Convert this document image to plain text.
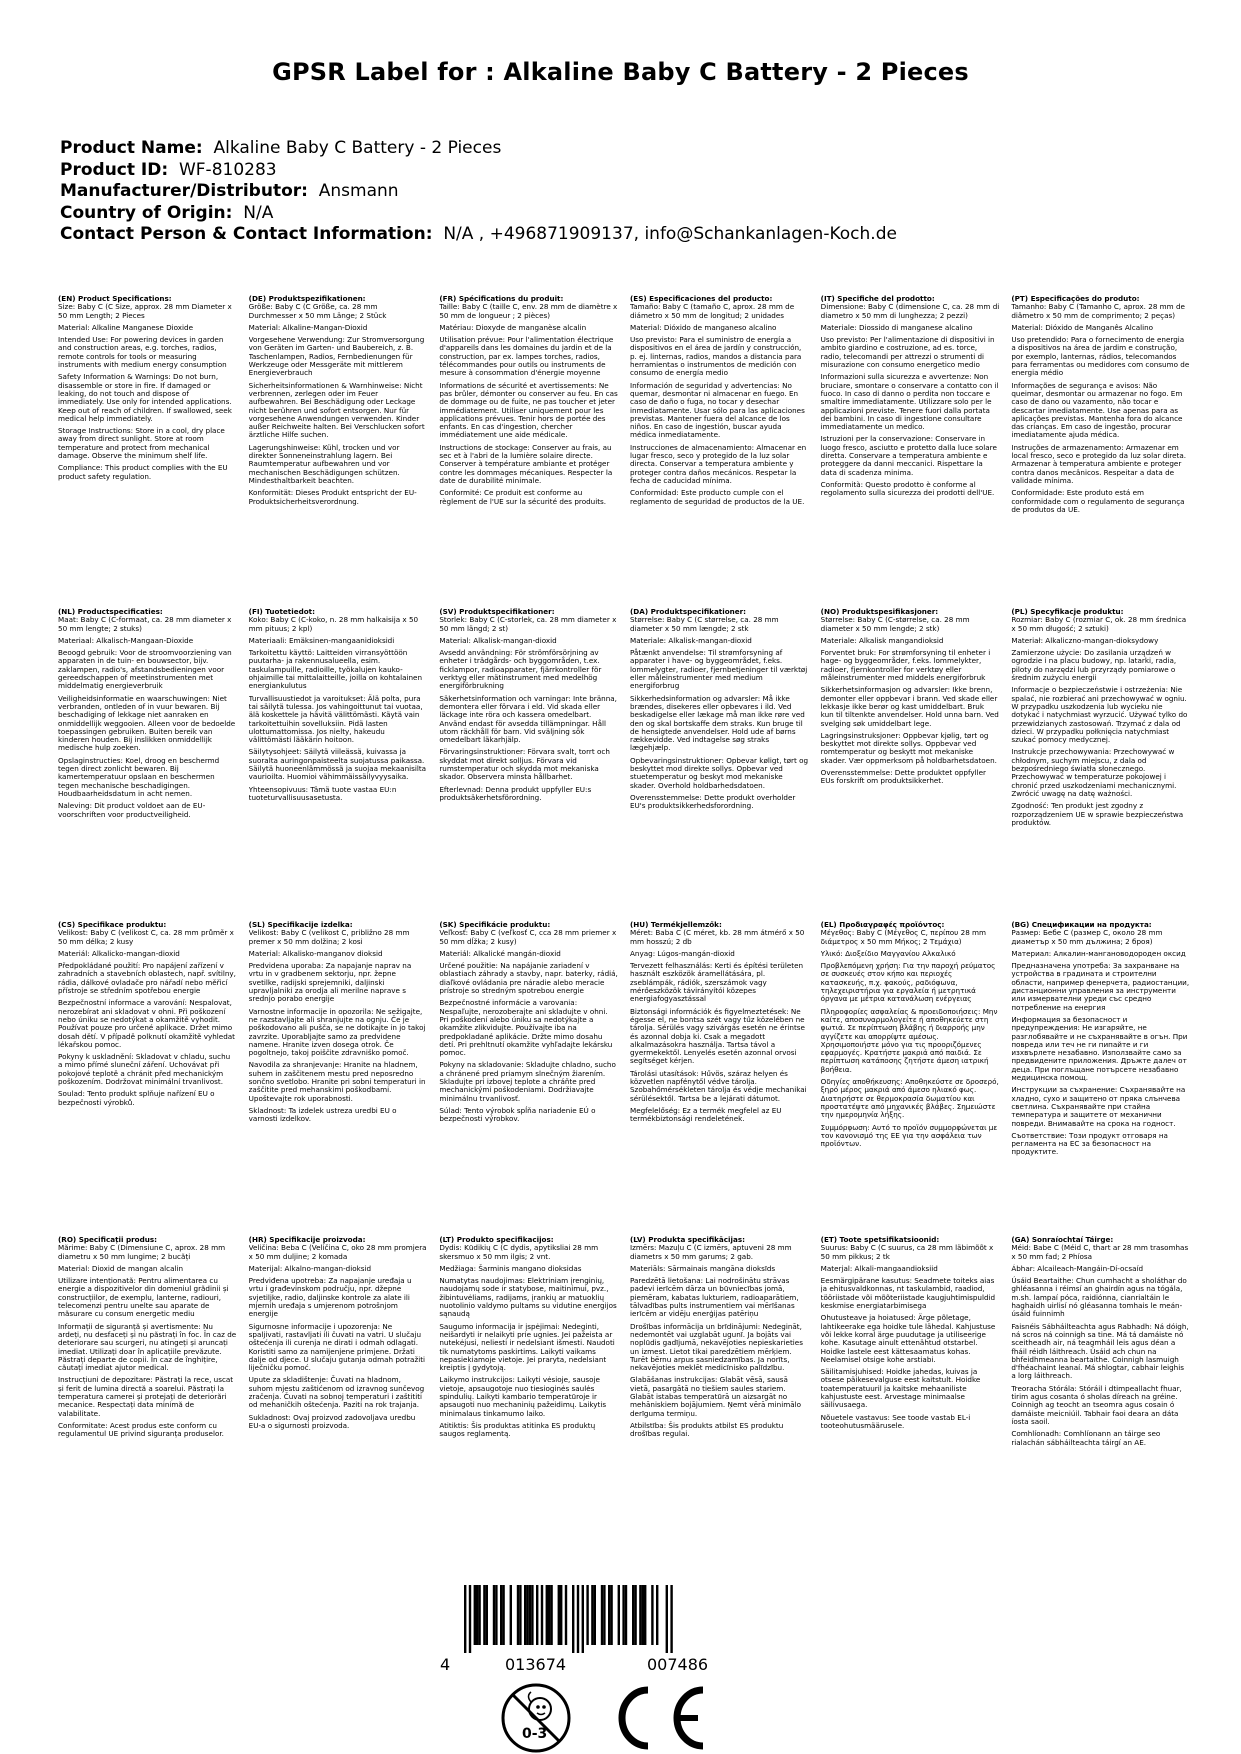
GPSR Label for : Alkaline Baby C Battery - 2 Pieces
Product Name: Alkaline Baby C Battery - 2 Pieces
Product ID: WF-810283
Manufacturer/Distributor: Ansmann
Country of Origin: N/A
Contact Person & Contact Information: N/A , +496871909137, info@Schankanlagen-Koch.de
(EN) Product Specifications:

Size: Baby C (C Size, approx. 28 mm Diameter x 50 mm Length; 2 Pieces

Material: Alkaline Manganese Dioxide

Intended Use: For powering devices in garden and construction areas, e.g. torches, radios, remote controls for tools or measuring instruments with medium energy consumption

Safety Information & Warnings: Do not burn, disassemble or store in fire. If damaged or leaking, do not touch and dispose of immediately. Use only for intended applications. Keep out of reach of children. If swallowed, seek medical help immediately.

Storage Instructions: Store in a cool, dry place away from direct sunlight. Store at room temperature and protect from mechanical damage. Observe the minimum shelf life.

Compliance: This product complies with the EU product safety regulation.

(DE) Produktspezifikationen:

Größe: Baby C (C Größe, ca. 28 mm Durchmesser x 50 mm Länge; 2 Stück

Material: Alkaline-Mangan-Dioxid

Vorgesehene Verwendung: Zur Stromversorgung von Geräten im Garten- und Baubereich, z. B. Taschenlampen, Radios, Fernbedienungen für Werkzeuge oder Messgeräte mit mittlerem Energieverbrauch

Sicherheitsinformationen & Warnhinweise: Nicht verbrennen, zerlegen oder im Feuer aufbewahren. Bei Beschädigung oder Leckage nicht berühren und sofort entsorgen. Nur für vorgesehene Anwendungen verwenden. Kinder außer Reichweite halten. Bei Verschlucken sofort ärztliche Hilfe suchen.

Lagerungshinweise: Kühl, trocken und vor direkter Sonneneinstrahlung lagern. Bei Raumtemperatur aufbewahren und vor mechanischen Beschädigungen schützen. Mindesthaltbarkeit beachten.

Konformität: Dieses Produkt entspricht der EU-Produktsicherheitsverordnung.

(FR) Spécifications du produit:

Taille: Baby C (taille C, env. 28 mm de diamètre x 50 mm de longueur ; 2 pièces)

Matériau: Dioxyde de manganèse alcalin

Utilisation prévue: Pour l'alimentation électrique d'appareils dans les domaines du jardin et de la construction, par ex. lampes torches, radios, télécommandes pour outils ou instruments de mesure à consommation d'énergie moyenne

Informations de sécurité et avertissements: Ne pas brûler, démonter ou conserver au feu. En cas de dommage ou de fuite, ne pas toucher et jeter immédiatement. Utiliser uniquement pour les applications prévues. Tenir hors de portée des enfants. En cas d'ingestion, chercher immédiatement une aide médicale.

Instructions de stockage: Conserver au frais, au sec et à l'abri de la lumière solaire directe. Conserver à température ambiante et protéger contre les dommages mécaniques. Respecter la date de durabilité minimale.

Conformité: Ce produit est conforme au règlement de l'UE sur la sécurité des produits.

(ES) Especificaciones del producto:

Tamaño: Baby C (tamaño C, aprox. 28 mm de diámetro x 50 mm de longitud; 2 unidades

Material: Dióxido de manganeso alcalino

Uso previsto: Para el suministro de energía a dispositivos en el área de jardín y construcción, p. ej. linternas, radios, mandos a distancia para herramientas o instrumentos de medición con consumo de energía medio

Información de seguridad y advertencias: No quemar, desmontar ni almacenar en fuego. En caso de daño o fuga, no tocar y desechar inmediatamente. Usar sólo para las aplicaciones previstas. Mantener fuera del alcance de los niños. En caso de ingestión, buscar ayuda médica inmediatamente.

Instrucciones de almacenamiento: Almacenar en lugar fresco, seco y protegido de la luz solar directa. Conservar a temperatura ambiente y proteger contra daños mecánicos. Respetar la fecha de caducidad mínima.

Conformidad: Este producto cumple con el reglamento de seguridad de productos de la UE.

(IT) Specifiche del prodotto:

Dimensione: Baby C (dimensione C, ca. 28 mm di diametro x 50 mm di lunghezza; 2 pezzi)

Materiale: Diossido di manganese alcalino

Uso previsto: Per l'alimentazione di dispositivi in ambito giardino e costruzione, ad es. torce, radio, telecomandi per attrezzi o strumenti di misurazione con consumo energetico medio

Informazioni sulla sicurezza e avvertenze: Non bruciare, smontare o conservare a contatto con il fuoco. In caso di danno o perdita non toccare e smaltire immediatamente. Utilizzare solo per le applicazioni previste. Tenere fuori dalla portata dei bambini. In caso di ingestione consultare immediatamente un medico.

Istruzioni per la conservazione: Conservare in luogo fresco, asciutto e protetto dalla luce solare diretta. Conservare a temperatura ambiente e proteggere da danni meccanici. Rispettare la data di scadenza minima.

Conformità: Questo prodotto è conforme al regolamento sulla sicurezza dei prodotti dell'UE.

(PT) Especificações do produto:

Tamanho: Baby C (Tamanho C, aprox. 28 mm de diâmetro x 50 mm de comprimento; 2 peças)

Material: Dióxido de Manganês Alcalino

Uso pretendido: Para o fornecimento de energia a dispositivos na área de jardim e construção, por exemplo, lanternas, rádios, telecomandos para ferramentas ou medidores com consumo de energia médio

Informações de segurança e avisos: Não queimar, desmontar ou armazenar no fogo. Em caso de dano ou vazamento, não tocar e descartar imediatamente. Use apenas para as aplicações previstas. Mantenha fora do alcance das crianças. Em caso de ingestão, procurar imediatamente ajuda médica.

Instruções de armazenamento: Armazenar em local fresco, seco e protegido da luz solar direta. Armazenar à temperatura ambiente e proteger contra danos mecânicos. Respeitar a data de validade mínima.

Conformidade: Este produto está em conformidade com o regulamento de segurança de produtos da UE.

(NL) Productspecificaties:

Maat: Baby C (C-formaat, ca. 28 mm diameter x 50 mm lengte; 2 stuks)

Materiaal: Alkalisch-Mangaan-Dioxide

Beoogd gebruik: Voor de stroomvoorziening van apparaten in de tuin- en bouwsector, bijv. zaklampen, radio's, afstandsbedieningen voor gereedschappen of meetinstrumenten met middelmatig energieverbruik

Veiligheidsinformatie en waarschuwingen: Niet verbranden, ontleden of in vuur bewaren. Bij beschadiging of lekkage niet aanraken en onmiddellijk weggooien. Alleen voor de bedoelde toepassingen gebruiken. Buiten bereik van kinderen houden. Bij inslikken onmiddellijk medische hulp zoeken.

Opslaginstructies: Koel, droog en beschermd tegen direct zonlicht bewaren. Bij kamertemperatuur opslaan en beschermen tegen mechanische beschadigingen. Houdbaarheidsdatum in acht nemen.

Naleving: Dit product voldoet aan de EU-voorschriften voor productveiligheid.

(FI) Tuotetiedot:

Koko: Baby C (C-koko, n. 28 mm halkaisija x 50 mm pituus; 2 kpl)

Materiaali: Emäksinen-mangaanidioksidi

Tarkoitettu käyttö: Laitteiden virransyöttöön puutarha- ja rakennusalueella, esim. taskulampuille, radioille, työkalujen kauko-ohjaimille tai mittalaitteille, joilla on kohtalainen energiankulutus

Turvallisuustiedot ja varoitukset: Älä polta, pura tai säilytä tulessa. Jos vahingoittunut tai vuotaa, älä koskettele ja hävitä välittömästi. Käytä vain tarkoitettuihin sovelluksiin. Pidä lasten ulottumattomissa. Jos nielty, hakeudu välittömästi lääkärin hoitoon.

Säilytysohjeet: Säilytä viileässä, kuivassa ja suoralta auringonpaisteelta suojatussa paikassa. Säilytä huoneenlämmössä ja suojaa mekaanisilta vaurioilta. Huomioi vähimmäissäilyvyysaika.

Yhteensopivuus: Tämä tuote vastaa EU:n tuoteturvallisuusasetusta.

(SV) Produktspecifikationer:

Storlek: Baby C (C-storlek, ca. 28 mm diameter x 50 mm längd; 2 st)

Material: Alkalisk-mangan-dioxid

Avsedd användning: För strömförsörjning av enheter i trädgårds- och byggområden, t.ex. ficklampor, radioapparater, fjärrkontroller för verktyg eller mätinstrument med medelhög energiförbrukning

Säkerhetsinformation och varningar: Inte bränna, demontera eller förvara i eld. Vid skada eller läckage inte röra och kassera omedelbart. Använd endast för avsedda tillämpningar. Håll utom räckhåll för barn. Vid sväljning sök omedelbart läkarhjälp.

Förvaringsinstruktioner: Förvara svalt, torrt och skyddat mot direkt solljus. Förvara vid rumstemperatur och skydda mot mekaniska skador. Observera minsta hållbarhet.

Efterlevnad: Denna produkt uppfyller EU:s produktsäkerhetsförordning.

(DA) Produktspecifikationer:

Størrelse: Baby C (C størrelse, ca. 28 mm diameter x 50 mm længde; 2 stk

Materiale: Alkalisk-mangan-dioxid

Påtænkt anvendelse: Til strømforsyning af apparater i have- og byggeområdet, f.eks. lommelygter, radioer, fjernbetjeninger til værktøj eller måleinstrumenter med medium energiforbrug

Sikkerhedsinformation og advarsler: Må ikke brændes, disekeres eller opbevares i ild. Ved beskadigelse eller lækage må man ikke røre ved den og skal bortskaffe dem straks. Kun brugе til de hensigtede anvendelser. Hold ude af børns rækkevidde. Ved indtagelse søg straks lægehjælp.

Opbevaringsinstruktioner: Opbevar køligt, tørt og beskyttet mod direkte sollys. Opbevar ved stuetemperatur og beskyt mod mekaniske skader. Overhold holdbarhedsdatoen.

Overensstemmelse: Dette produkt overholder EU's produktsikkerhedsforordning.

(NO) Produktspesifikasjoner:

Størrelse: Baby C (C-størrelse, ca. 28 mm diameter x 50 mm lengde; 2 stk)

Materiale: Alkalisk mangandioksid

Forventet bruk: For strømforsyning til enheter i hage- og byggeområder, f.eks. lommelykter, radioer, fjernkontroller for verktøy eller måleinstrumenter med middels energiforbruk

Sikkerhetsinformasjon og advarsler: Ikke brenn, demonter eller oppbevar i brann. Ved skade eller lekkasje ikke berør og kast umiddelbart. Bruk kun til tiltenkte anvendelser. Hold unna barn. Ved svelging søk umiddelbart lege.

Lagringsinstruksjoner: Oppbevar kjølig, tørt og beskyttet mot direkte sollys. Oppbevar ved romtemperatur og beskytt mot mekaniske skader. Vær oppmerksom på holdbarhetsdatoen.

Overensstemmelse: Dette produktet oppfyller EUs forskrift om produktsikkerhet.

(PL) Specyfikacje produktu:

Rozmiar: Baby C (rozmiar C, ok. 28 mm średnica x 50 mm długość; 2 sztuki)

Materiał: Alkaliczno-mangan-dioksydowy

Zamierzone użycie: Do zasilania urządzeń w ogrodzie i na placu budowy, np. latarki, radia, piloty do narzędzi lub przyrządy pomiarowe o średnim zużyciu energii

Informacje o bezpieczeństwie i ostrzeżenia: Nie spalać, nie rozbierać ani przechowywać w ogniu. W przypadku uszkodzenia lub wycieku nie dotykać i natychmiast wyrzucić. Używać tylko do przewidzianych zastosowań. Trzymać z dala od dzieci. W przypadku połknięcia natychmiast szukać pomocy medycznej.

Instrukcje przechowywania: Przechowywać w chłodnym, suchym miejscu, z dala od bezpośredniego światła słonecznego. Przechowywać w temperaturze pokojowej i chronić przed uszkodzeniami mechanicznymi. Zwrócić uwagę na datę ważności.

Zgodność: Ten produkt jest zgodny z rozporządzeniem UE w sprawie bezpieczeństwa produktów.

(CS) Specifikace produktu:

Velikost: Baby C (velikost C, ca. 28 mm průměr x 50 mm délka; 2 kusy

Materiál: Alkalicko-mangan-dioxid

Předpokládané použití: Pro napájení zařízení v zahradních a stavebních oblastech, např. svítilny, rádia, dálkové ovladače pro nářadí nebo měřicí přístroje se středním spotřebou energie

Bezpečnostní informace a varování: Nespalovat, nerozebírat ani skladovat v ohni. Při poškození nebo úniku se nedotýkat a okamžitě vyhodit. Používat pouze pro určené aplikace. Držet mimo dosah dětí. V případě polknutí okamžitě vyhledat lékařskou pomoc.

Pokyny k uskladnění: Skladovat v chladu, suchu a mimo přímé sluneční záření. Uchovávat při pokojové teplotě a chránit před mechanickým poškozením. Dodržovat minimální trvanlivost.

Soulad: Tento produkt splňuje nařízení EU o bezpečnosti výrobků.

(SL) Specifikacije izdelka:

Velikost: Baby C (velikost C, približno 28 mm premer x 50 mm dolžina; 2 kosi

Material: Alkalisko-manganov dioksid

Predvidena uporaba: Za napajanje naprav na vrtu in v gradbenem sektorju, npr. žepne svetilke, radijski sprejemniki, daljinski upravljalniki za orodja ali merilne naprave s srednjo porabo energije

Varnostne informacije in opozorila: Ne sežigajte, ne razstavljajte ali shranjujte na ognju. Če je poškodovano ali pušča, se ne dotikajte in jo takoj zavrzite. Uporabljajte samo za predvidene namene. Hranite izven dosega otrok. Če pogoltnejo, takoj poiščite zdravniško pomoč.

Navodila za shranjevanje: Hranite na hladnem, suhem in zaščitenem mestu pred neposredno sončno svetlobo. Hranite pri sobni temperaturi in zaščitite pred mehanskimi poškodbami. Upoštevajte rok uporabnosti.

Skladnost: Ta izdelek ustreza uredbi EU o varnosti izdelkov.

(SK) Špecifikácie produktu:

Veľkosť: Baby C (veľkosť C, cca 28 mm priemer x 50 mm dĺžka; 2 kusy)

Materiál: Alkalické mangán-dioxid

Určené použitie: Na napájanie zariadení v oblastiach záhrady a stavby, napr. baterky, rádiá, diaľkové ovládania pre náradie alebo meracie prístroje so stredným spotrebou energie

Bezpečnostné informácie a varovania: Nespaľujte, nerozoberajte ani skladujte v ohni. Pri poškodení alebo úniku sa nedotýkajte a okamžite zlikvidujte. Používajte iba na predpokladané aplikácie. Držte mimo dosahu detí. Pri prehltnutí okamžite vyhľadajte lekársku pomoc.

Pokyny na skladovanie: Skladujte chladno, sucho a chránené pred priamym slnečným žiarením. Skladujte pri izbovej teplote a chráňte pred mechanickými poškodeniami. Dodržiavajte minimálnu trvanlivosť.

Súlad: Tento výrobok spĺňa nariadenie EÚ o bezpečnosti výrobkov.

(HU) Termékjellemzők:

Méret: Baba C (C méret, kb. 28 mm átmérő x 50 mm hosszú; 2 db

Anyag: Lúgos-mangán-dioxid

Tervezett felhasználás: Kerti és építési területen használt eszközök áramellátására, pl. zseblámpák, rádiók, szerszámok vagy mérőeszközök távirányítói közepes energiafogyasztással

Biztonsági információk és figyelmeztetések: Ne égesse el, ne bontsa szét vagy tűz közelében ne tárolja. Sérülés vagy szivárgás esetén ne érintse és azonnal dobja ki. Csak a megadott alkalmazásokra használja. Tartsa távol a gyermekektől. Lenyelés esetén azonnal orvosi segítséget kérjen.

Tárolási utasítások: Hűvös, száraz helyen és közvetlen napfénytől védve tárolja. Szobahőmérsékleten tárolja és védje mechanikai sérülésektől. Tartsa be a lejárati dátumot.

Megfelelőség: Ez a termék megfelel az EU termékbiztonsági rendeletének.

(EL) Προδιαγραφές προϊόντος:

Μέγεθος: Baby C (Μέγεθος C, περίπου 28 mm διάμετρος x 50 mm Μήκος; 2 Τεμάχια)

Υλικό: Διοξείδιο Μαγγανίου Αλκαλικό

Προβλεπόμενη χρήση: Για την παροχή ρεύματος σε συσκευές στον κήπο και περιοχές κατασκευής, π.χ. φακούς, ραδιόφωνα, τηλεχειριστήρια για εργαλεία ή μετρητικά όργανα με μέτρια κατανάλωση ενέργειας

Πληροφορίες ασφαλείας & προειδοποιήσεις: Μην καίτε, αποσυναρμολογείτε ή αποθηκεύετε στη φωτιά. Σε περίπτωση βλάβης ή διαρροής μην αγγίζετε και απορρίψτε αμέσως. Χρησιμοποιήστε μόνο για τις προοριζόμενες εφαρμογές. Κρατήστε μακριά από παιδιά. Σε περίπτωση κατάποσης ζητήστε άμεση ιατρική βοήθεια.

Οδηγίες αποθήκευσης: Αποθηκεύστε σε δροσερό, ξηρό μέρος μακριά από άμεσο ηλιακό φως. Διατηρήστε σε θερμοκρασία δωματίου και προστατέψτε από μηχανικές βλάβες. Σημειώστε την ημερομηνία λήξης.

Συμμόρφωση: Αυτό το προϊόν συμμορφώνεται με τον κανονισμό της ΕΕ για την ασφάλεια των προϊόντων.

(BG) Спецификации на продукта:

Размер: Бебе С (размер С, около 28 mm диаметър x 50 mm дължина; 2 броя)

Материал: Алкалин-мангановодороден оксид

Предназначена употреба: За захранване на устройства в градината и строителни области, например фенерчета, радиостанции, дистанционни управления за инструменти или измервателни уреди със средно потребление на енергия

Информация за безопасност и предупреждения: Не изгаряйте, не разглобявайте и не съхранявайте в огън. При повреда или теч не ги пипайте и ги изхвърлете незабавно. Използвайте само за предвидените приложения. Дръжте далеч от деца. При поглъщане потърсете незабавно медицинска помощ.

Инструкции за съхранение: Съхранявайте на хладно, сухо и защитено от пряка слънчева светлина. Съхранявайте при стайна температура и защитете от механични повреди. Внимавайте на срока на годност.

Съответствие: Този продукт отговаря на регламента на ЕС за безопасност на продуктите.

(RO) Specificații produs:

Mărime: Baby C (Dimensiune C, aprox. 28 mm diametru x 50 mm lungime; 2 bucăți

Material: Dioxid de mangan alcalin

Utilizare intenționată: Pentru alimentarea cu energie a dispozitivelor din domeniul grădinii și construcțiilor, de exemplu, lanterne, radiouri, telecomenzi pentru unelte sau aparate de măsurare cu consum energetic mediu

Informații de siguranță și avertismente: Nu ardeți, nu desfaceți și nu păstrați în foc. În caz de deteriorare sau scurgeri, nu atingeți și aruncați imediat. Utilizați doar în aplicațiile prevăzute. Păstrați departe de copii. În caz de înghițire, căutați imediat ajutor medical.

Instrucțiuni de depozitare: Păstrați la rece, uscat și ferit de lumina directă a soarelui. Păstrați la temperatura camerei și protejați de deteriorări mecanice. Respectați data minimă de valabilitate.

Conformitate: Acest produs este conform cu regulamentul UE privind siguranța produselor.

(HR) Specifikacije proizvoda:

Veličina: Beba C (Veličina C, oko 28 mm promjera x 50 mm duljine; 2 komada

Materijal: Alkalno-mangan-dioksid

Predviđena upotreba: Za napajanje uređaja u vrtu i građevinskom području, npr. džepne svjetiljke, radio, daljinske kontrole za alate ili mjernih uređaja s umjerenom potrošnjom energije

Sigurnosne informacije i upozorenja: Ne spaljivati, rastavljati ili čuvati na vatri. U slučaju oštećenja ili curenja ne dirati i odmah odlagati. Koristiti samo za namijenjene primjene. Držati dalje od djece. U slučaju gutanja odmah potražiti liječničku pomoć.

Upute za skladištenje: Čuvati na hladnom, suhom mjestu zaštićenom od izravnog sunčevog zračenja. Čuvati na sobnoj temperaturi i zaštititi od mehaničkih oštećenja. Paziti na rok trajanja.

Sukladnost: Ovaj proizvod zadovoljava uredbu EU-a o sigurnosti proizvoda.

(LT) Produkto specifikacijos:

Dydis: Kūdikių C (C dydis, apytiksliai 28 mm skersmuo x 50 mm ilgis; 2 vnt.

Medžiaga: Šarminis mangano dioksidas

Numatytas naudojimas: Elektriniam įrenginių, naudojamų sode ir statybose, maitinimui, pvz., žibintuvėliams, radijams, įrankių ar matuoklių nuotolinio valdymo pultams su vidutine energijos sąnaudą

Saugumo informacija ir įspėjimai: Nedeginti, neišardyti ir nelaikyti prie ugnies. Jei pažeista ar nutekėjusi, neliesti ir nedelsiant išmesti. Naudoti tik numatytoms paskirtims. Laikyti vaikams nepasiekiamoje vietoje. Jei praryta, nedelsiant kreiptis į gydytoją.

Laikymo instrukcijos: Laikyti vėsioje, sausoje vietoje, apsaugotoje nuo tiesioginės saulės spindulių. Laikyti kambario temperatūroje ir apsaugoti nuo mechaninių pažeidimų. Laikytis minimalaus tinkamumo laiko.

Atitiktis: Šis produktas atitinka ES produktų saugos reglamentą.

(LV) Produkta specifikācijas:

Izmērs: Mazuļu C (C izmērs, aptuveni 28 mm diametrs x 50 mm garums; 2 gab.

Materiāls: Sārmainais mangāna dioksīds

Paredzētā lietošana: Lai nodrošinātu strāvas padevi ierīcēm dārza un būvniecības jomā, piemēram, kabatas lukturiem, radioaparātiem, tālvadības pults instrumentiem vai mērīšanas ierīcēm ar vidēju enerģijas patēriņu

Drošības informācija un brīdinājumi: Nedegināt, nedemontēt vai uzglabāt ugunī. Ja bojāts vai noplūdis gadījumā, nekavējoties nepieskarieties un izmest. Lietot tikai paredzētiem mērķiem. Turēt bērnu arpus sasniedzamības. Ja norīts, nekavējoties meklēt medicīnisko palīdzību.

Glabāšanas instrukcijas: Glabāt vēsā, sausā vietā, pasargātā no tiešiem saules stariem. Glabāt istabas temperatūrā un aizsargāt no mehāniskiem bojājumiem. Ņemt vērā minimālo derīguma termiņu.

Atbilstība: Šis produkts atbilst ES produktu drošības regulai.

(ET) Toote spetsifikatsioonid:

Suurus: Baby C (C suurus, ca 28 mm läbimõõt x 50 mm pikkus; 2 tk

Materjal: Alkali-mangaandioksiid

Eesmärgipärane kasutus: Seadmete toiteks aias ja ehitusvaldkonnas, nt taskulambid, raadiod, tööriistade või mõõteriistade kaugjuhtimispuldid keskmise energiatarbimisega

Ohutusteave ja hoiatused: Ärge põletage, lahtikeerake ega hoidke tule lähedal. Kahjustuse või lekke korral ärge puudutage ja utiliseerige kohe. Kasutage ainult ettenähtud otstarbel. Hoidke lastele eest kättesaamatus kohas. Neelamisel otsige kohe arstiabi.

Säilitamisjuhised: Hoidke jahedas, kuivas ja otsese päikesevalguse eest kaitstult. Hoidke toatemperatuuril ja kaitske mehaaniliste kahjustuste eest. Arvestage minimaalse säilivusaega.

Nõuetele vastavus: See toode vastab EL-i tooteohutusmäärusele.

(GA) Sonraíochtaí Táirge:

Méid: Babe C (Méid C, thart ar 28 mm trasomhas x 50 mm fad; 2 Phíosa

Ábhar: Alcaileach-Mangáin-Dí-ocsaíd

Úsáid Beartaithe: Chun cumhacht a sholáthar do ghléasanna i réimsí an ghairdín agus na tógála, m.sh. lampaí póca, raidiónna, cianrialtáin le haghaidh uirlisí nó gléasanna tomhais le meán-úsáid fuinnimh

Faisnéis Sábháilteachta agus Rabhadh: Ná dóigh, ná scros ná coinnigh sa tine. Má tá damáiste nó sceitheadh air, ná teagmháil leis agus déan a fháil réidh láithreach. Úsáid ach chun na bhfeidhmeanna beartaithe. Coinnigh lasmuigh d'fhéachaint leanaí. Má shlogtar, cabhair leighis a lorg láithreach.

Treoracha Stórála: Stóráil i dtimpeallacht fhuar, tirim agus cosanta ó sholas díreach na gréine. Coinnigh ag teocht an tseomra agus cosain ó damáiste meicniúil. Tabhair faoi deara an dáta íosta saoil.

Comhlíonadh: Comhlíonann an táirge seo rialachán sábháilteachta táirgí an AE.

4	013674	007486
0-3
